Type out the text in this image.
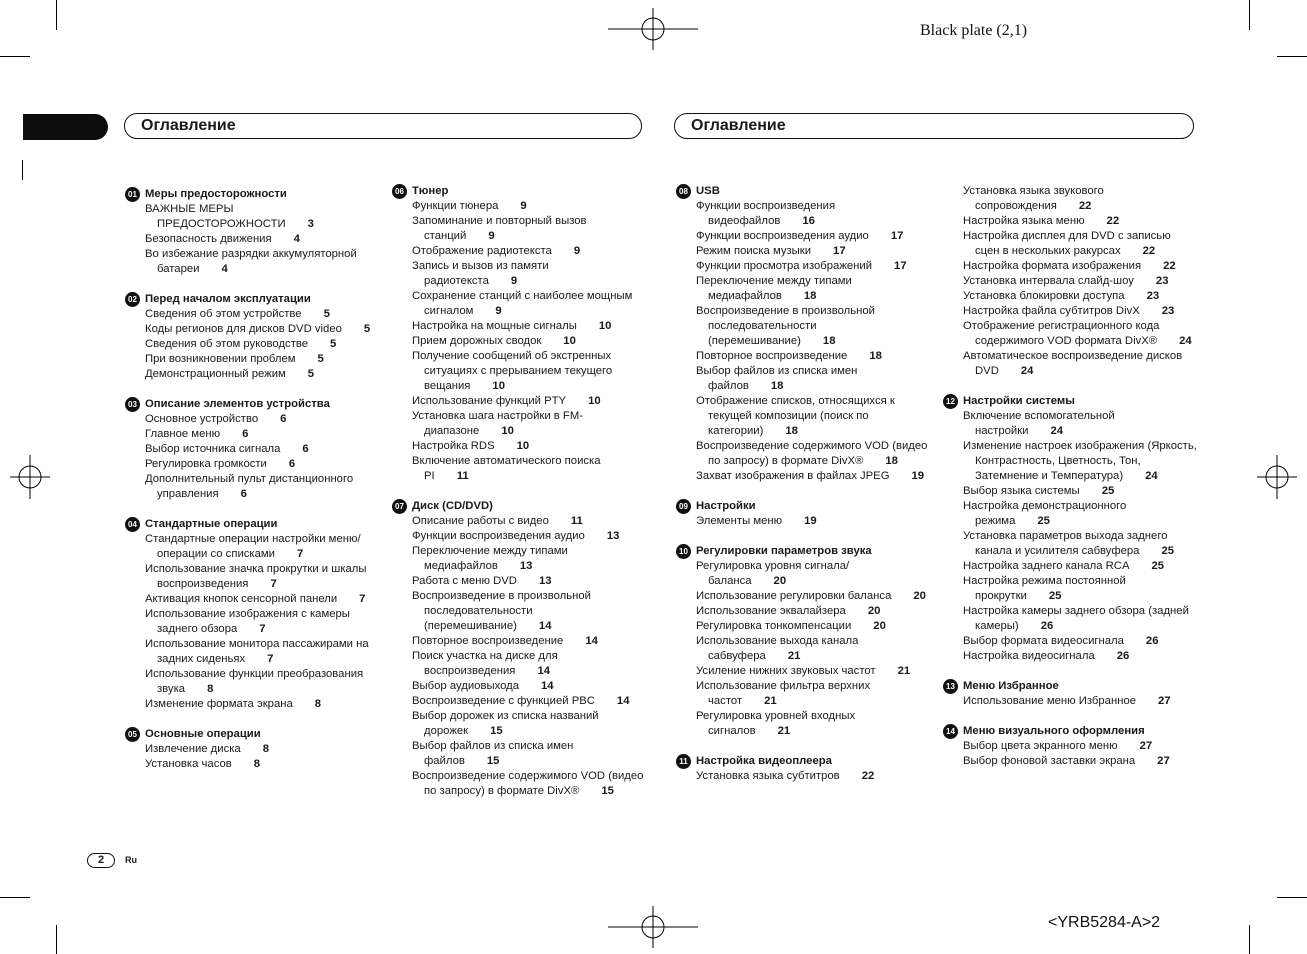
Black plate (2,1)
<YRB5284-A>2
Оглавление	Оглавление
01 Меры предосторожности
ВАЖНЫЕ МЕРЫ ПРЕДОСТОРОЖНОСТИ 3
Безопасность движения 4
Во избежание разрядки аккумуляторной батареи 4
02 Перед началом эксплуатации
Сведения об этом устройстве 5
Коды регионов для дисков DVD video 5
Сведения об этом руководстве 5
При возникновении проблем 5
Демонстрационный режим 5
03 Описание элементов устройства
Основное устройство 6
Главное меню 6
Выбор источника сигнала 6
Регулировка громкости 6
Дополнительный пульт дистанционного управления 6
04 Стандартные операции
Стандартные операции настройки меню/ операции со списками 7
Использование значка прокрутки и шкалы воспроизведения 7
Активация кнопок сенсорной панели 7
Использование изображения с камеры заднего обзора 7
Использование монитора пассажирами на задних сиденьях 7
Использование функции преобразования звука 8
Изменение формата экрана 8
05 Основные операции
Извлечение диска 8
Установка часов 8
06 Тюнер
Функции тюнера 9
Запоминание и повторный вызов станций 9
Отображение радиотекста 9
Запись и вызов из памяти радиотекста 9
Сохранение станций с наиболее мощным сигналом 9
Настройка на мощные сигналы 10
Прием дорожных сводок 10
Получение сообщений об экстренных ситуациях с прерыванием текущего вещания 10
Использование функций PTY 10
Установка шага настройки в FM-диапазоне 10
Настройка RDS 10
Включение автоматического поиска PI 11
07 Диск (CD/DVD)
Описание работы с видео 11
Функции воспроизведения аудио 13
Переключение между типами медиафайлов 13
Работа с меню DVD 13
Воспроизведение в произвольной последовательности (перемешивание) 14
Повторное воспроизведение 14
Поиск участка на диске для воспроизведения 14
Выбор аудиовыхода 14
Воспроизведение с функцией PBC 14
Выбор дорожек из списка названий дорожек 15
Выбор файлов из списка имен файлов 15
Воспроизведение содержимого VOD (видео по запросу) в формате DivX® 15
08 USB
Функции воспроизведения видеофайлов 16
Функции воспроизведения аудио 17
Режим поиска музыки 17
Функции просмотра изображений 17
Переключение между типами медиафайлов 18
Воспроизведение в произвольной последовательности (перемешивание) 18
Повторное воспроизведение 18
Выбор файлов из списка имен файлов 18
Отображение списков, относящихся к текущей композиции (поиск по категории) 18
Воспроизведение содержимого VOD (видео по запросу) в формате DivX® 18
Захват изображения в файлах JPEG 19
09 Настройки
Элементы меню 19
10 Регулировки параметров звука
Регулировка уровня сигнала/ баланса 20
Использование регулировки баланса 20
Использование эквалайзера 20
Регулировка тонкомпенсации 20
Использование выхода канала сабвуфера 21
Усиление нижних звуковых частот 21
Использование фильтра верхних частот 21
Регулировка уровней входных сигналов 21
11 Настройка видеоплеера
Установка языка субтитров 22
Установка языка звукового сопровождения 22
Настройка языка меню 22
Настройка дисплея для DVD с записью сцен в нескольких ракурсах 22
Настройка формата изображения 22
Установка интервала слайд-шоу 23
Установка блокировки доступа 23
Настройка файла субтитров DivX 23
Отображение регистрационного кода содержимого VOD формата DivX® 24
Автоматическое воспроизведение дисков DVD 24
12 Настройки системы
Включение вспомогательной настройки 24
Изменение настроек изображения (Яркость, Контрастность, Цветность, Тон, Затемнение и Температура) 24
Выбор языка системы 25
Настройка демонстрационного режима 25
Установка параметров выхода заднего канала и усилителя сабвуфера 25
Настройка заднего канала RCA 25
Настройка режима постоянной прокрутки 25
Настройка камеры заднего обзора (задней камеры) 26
Выбор формата видеосигнала 26
Настройка видеосигнала 26
13 Меню Избранное
Использование меню Избранное 27
14 Меню визуального оформления
Выбор цвета экранного меню 27
Выбор фоновой заставки экрана 27
2	Ru
